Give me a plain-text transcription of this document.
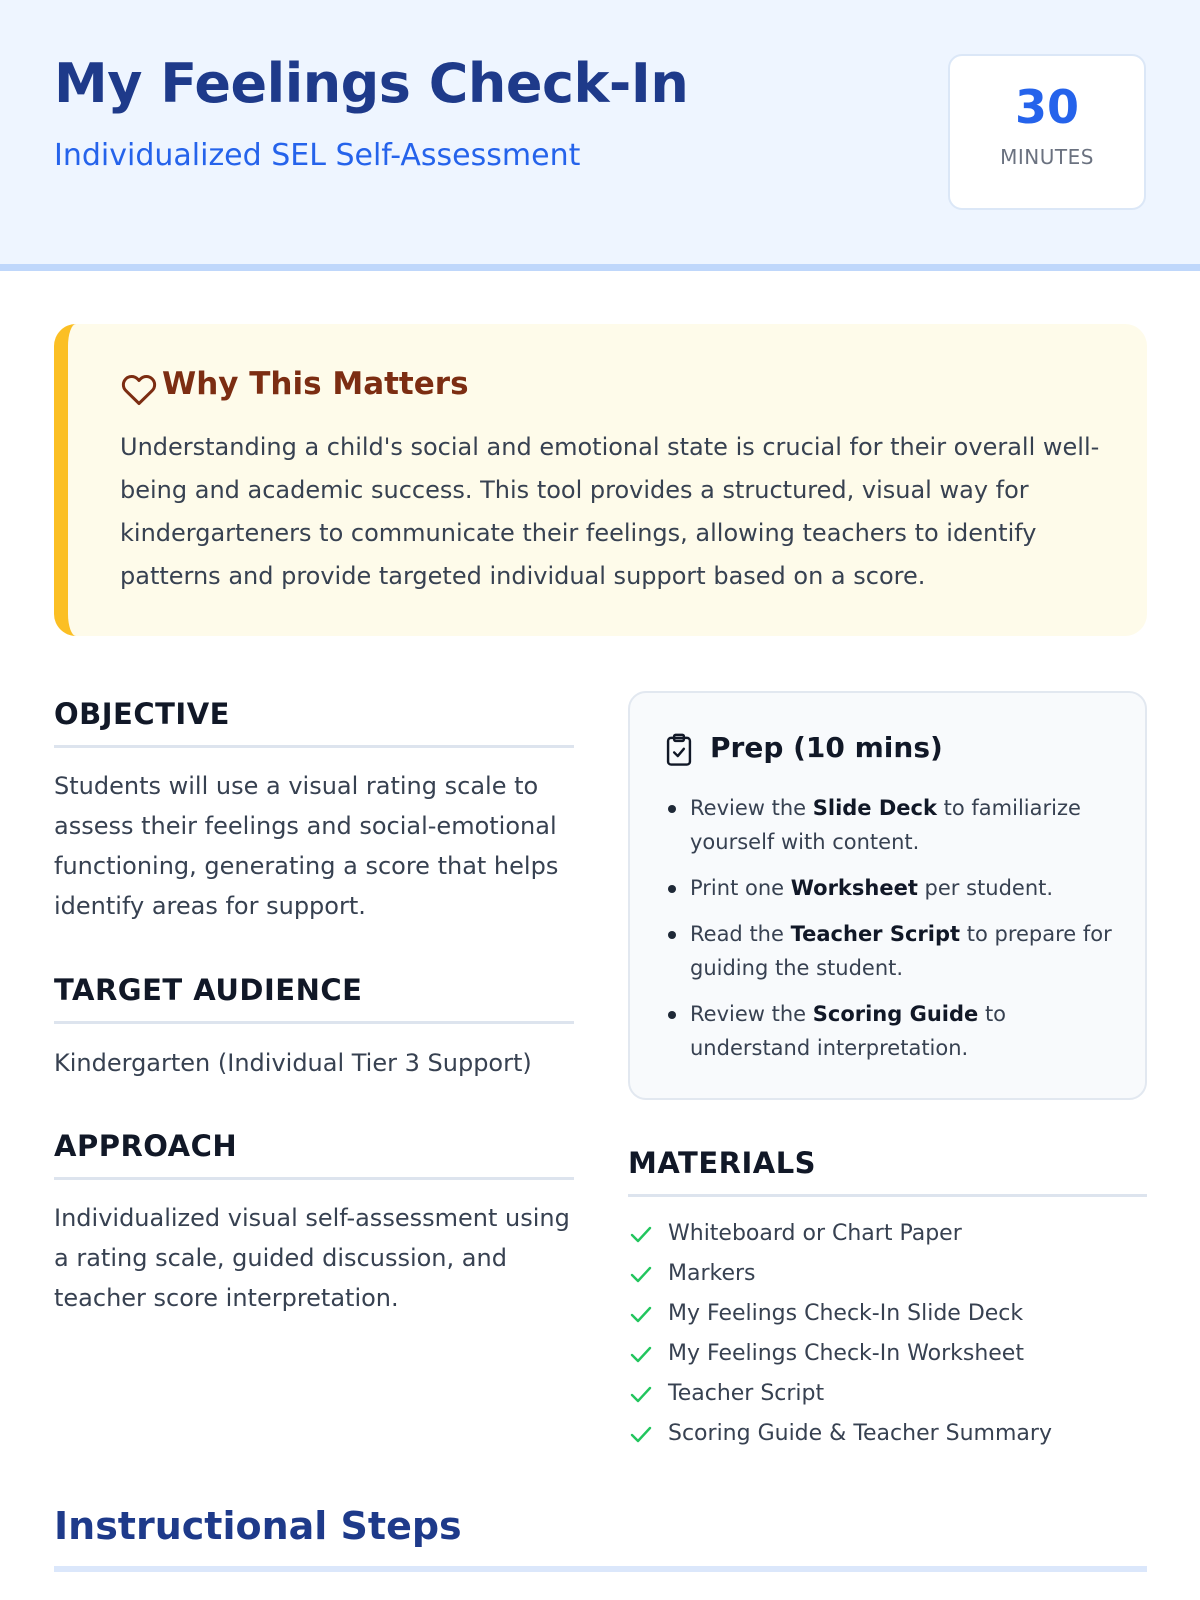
My Feelings Check-In
Individualized SEL Self-Assessment
30
MINUTES
Why This Matters
Understanding a child's social and emotional state is crucial for their overall well-being and academic success. This tool provides a structured, visual way for kindergarteners to communicate their feelings, allowing teachers to identify patterns and provide targeted individual support based on a score.
OBJECTIVE
Students will use a visual rating scale to assess their feelings and social-emotional functioning, generating a score that helps identify areas for support.
TARGET AUDIENCE
Kindergarten (Individual Tier 3 Support)
APPROACH
Individualized visual self-assessment using a rating scale, guided discussion, and teacher score interpretation.
Prep (10 mins)
Review the Slide Deck to familiarize yourself with content.
Print one Worksheet per student.
Read the Teacher Script to prepare for guiding the student.
Review the Scoring Guide to understand interpretation.
MATERIALS
Whiteboard or Chart Paper
Markers
My Feelings Check-In Slide Deck
My Feelings Check-In Worksheet
Teacher Script
Scoring Guide & Teacher Summary
Instructional Steps
